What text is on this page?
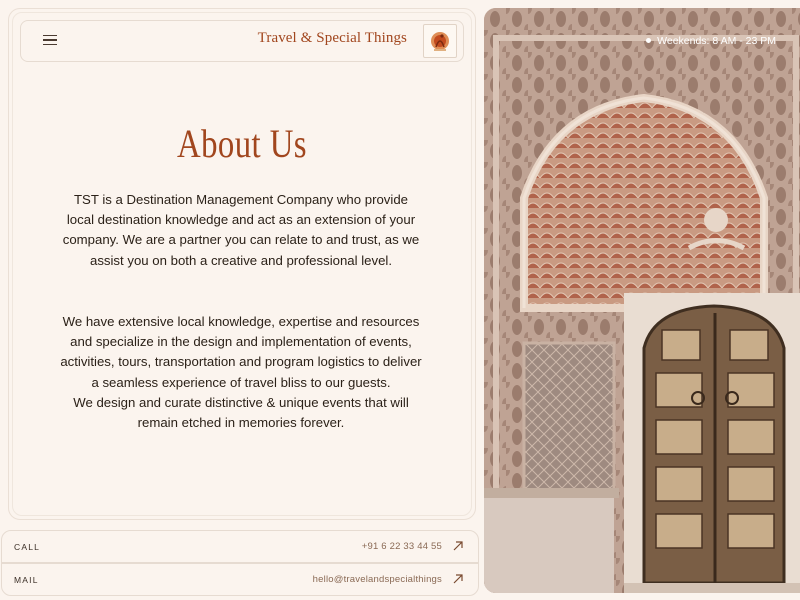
Travel & Special Things
About Us
TST is a Destination Management Company who provide local destination knowledge and act as an extension of your company. We are a partner you can relate to and trust, as we assist you on both a creative and professional level.
We have extensive local knowledge, expertise and resources and specialize in the design and implementation of events, activities, tours, transportation and program logistics to deliver a seamless experience of travel bliss to our guests.
We design and curate distinctive & unique events that will remain etched in memories forever.
CALL	+91 6 22 33 44 55
MAIL	hello@travelandspecialthings
Weekends: 8 AM - 23 PM
